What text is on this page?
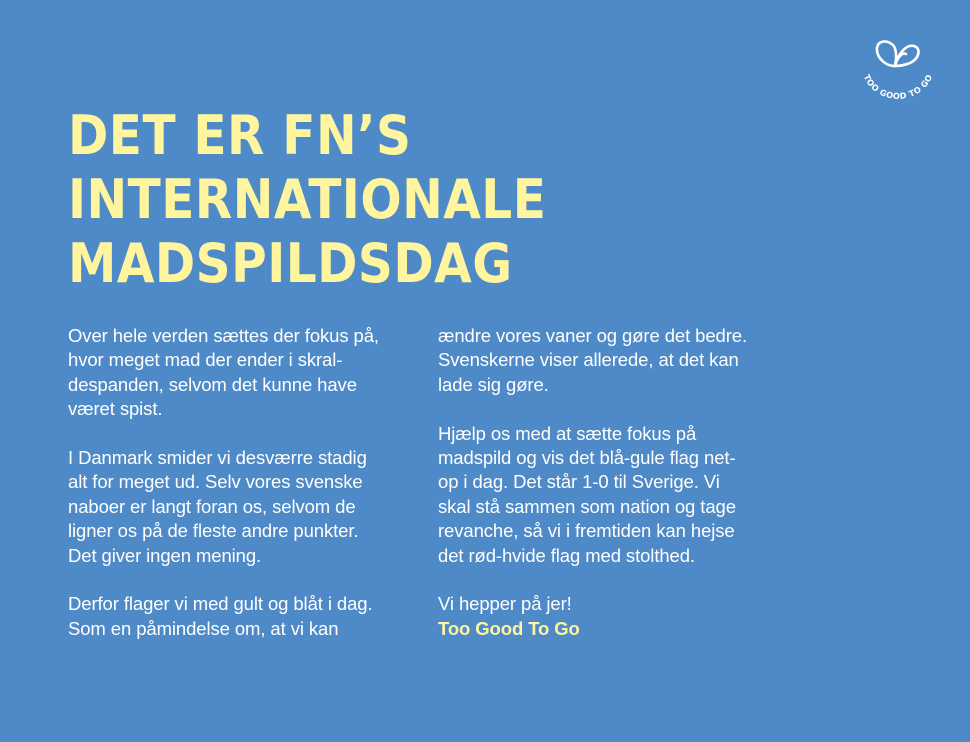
TOO GOOD TO GO
DET ER FN’S
INTERNATIONALE
MADSPILDSDAG
Over hele verden sættes der fokus på,
hvor meget mad der ender i skral-
despanden, selvom det kunne have
været spist.
I Danmark smider vi desværre stadig
alt for meget ud. Selv vores svenske
naboer er langt foran os, selvom de
ligner os på de fleste andre punkter.
Det giver ingen mening.
Derfor flager vi med gult og blåt i dag.
Som en påmindelse om, at vi kan
ændre vores vaner og gøre det bedre.
Svenskerne viser allerede, at det kan
lade sig gøre.
Hjælp os med at sætte fokus på
madspild og vis det blå-gule flag net-
op i dag. Det står 1-0 til Sverige. Vi
skal stå sammen som nation og tage
revanche, så vi i fremtiden kan hejse
det rød-hvide flag med stolthed.
Vi hepper på jer!
Too Good To Go
